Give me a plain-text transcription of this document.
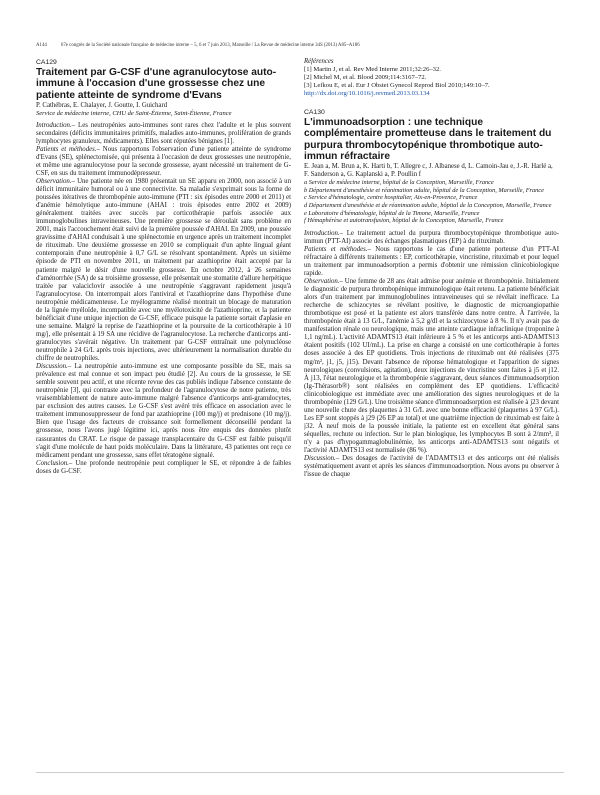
A144	67e congrès de la Société nationale française de médecine interne – 5, 6 et 7 juin 2013, Marseille / La Revue de médecine interne 34S (2013) A85–A186

CA129

Traitement par G-CSF d'une agranulocytose auto-immune à l'occasion d'une grossesse chez une patiente atteinte de syndrome d'Evans

P. Cathébras, E. Chalayer, J. Goutte, I. Guichard

Service de médecine interne, CHU de Saint-Étienne, Saint-Étienne, France

Introduction.– Les neutropénies auto-immunes sont rares chez l'adulte et le plus souvent secondaires (déficits immunitaires primitifs, maladies auto-immunes, prolifération de grands lymphocytes granuleux, médicaments). Elles sont réputées bénignes [1].

Patients et méthodes.– Nous rapportons l'observation d'une patiente atteinte de syndrome d'Evans (SE), splénectomisée, qui présenta à l'occasion de deux grossesses une neutropénie, et même une agranulocytose pour la seconde grossesse, ayant nécessité un traitement de G-CSF, en sus du traitement immunodépresseur.

Observation.– Une patiente née en 1980 présentait un SE apparu en 2000, non associé à un déficit immunitaire humoral ou à une connectivite. Sa maladie s'exprimait sous la forme de poussées itératives de thrombopénie auto-immune (PTI : six épisodes entre 2000 et 2011) et d'anémie hémolytique auto-immune (AHAI : trois épisodes entre 2002 et 2009) généralement traitées avec succès par corticothérapie parfois associée aux immunoglobulines intraveineuses. Une première grossesse se déroulait sans problème en 2001, mais l'accouchement était suivi de la première poussée d'AHAI. En 2009, une poussée gravissime d'AHAI conduisait à une splénectomie en urgence après un traitement incomplet de rituximab. Une deuxième grossesse en 2010 se compliquait d'un aphte lingual géant contemporain d'une neutropénie à 0,7 G/L se résolvant spontanément. Après un sixième épisode de PTI en novembre 2011, un traitement par azathioprine était accepté par la patiente malgré le désir d'une nouvelle grossesse. En octobre 2012, à 26 semaines d'aménorrhée (SA) de sa troisième grossesse, elle présentait une stomatite d'allure herpétique traitée par valaciclovir associée à une neutropénie s'aggravant rapidement jusqu'à l'agranulocytose. On interrompait alors l'antiviral et l'azathioprine dans l'hypothèse d'une neutropénie médicamenteuse. Le myélogramme réalisé montrait un blocage de maturation de la lignée myéloïde, incompatible avec une myélotoxicité de l'azathioprine, et la patiente bénéficiait d'une unique injection de G-CSF, efficace puisque la patiente sortait d'aplasie en une semaine. Malgré la reprise de l'azathioprine et la poursuite de la corticothérapie à 10 mg/j, elle présentait à 19 SA une récidive de l'agranulocytose. La recherche d'anticorps anti-granulocytes s'avérait négative. Un traitement par G-CSF entraînait une polynucléose neutrophile à 24 G/L après trois injections, avec ultérieurement la normalisation durable du chiffre de neutrophiles.

Discussion.– La neutropénie auto-immune est une composante possible du SE, mais sa prévalence est mal connue et son impact peu étudié [2]. Au cours de la grossesse, le SE semble souvent peu actif, et une récente revue des cas publiés indique l'absence constante de neutropénie [3], qui contraste avec la profondeur de l'agranulocytose de notre patiente, très vraisemblablement de nature auto-immune malgré l'absence d'anticorps anti-granulocytes, par exclusion des autres causes. Le G-CSF s'est avéré très efficace en association avec le traitement immunosuppresseur de fond par azathioprine (100 mg/j) et prednisone (10 mg/j). Bien que l'usage des facteurs de croissance soit formellement déconseillé pendant la grossesse, nous l'avons jugé légitime ici, après nous être enquis des données plutôt rassurantes du CRAT. Le risque de passage transplacentaire du G-CSF est faible puisqu'il s'agit d'une molécule de haut poids moléculaire. Dans la littérature, 43 patientes ont reçu ce médicament pendant une grossesse, sans effet tératogène signalé.

Conclusion.– Une profonde neutropénie peut compliquer le SE, et répondre à de faibles doses de G-CSF.

Références

[1] Martin J, et al. Rev Med Interne 2011;32:26–32.

[2] Michel M, et al. Blood 2009;114:3167–72.

[3] Lefkou E, et al. Eur J Obstet Gynecol Reprod Biol 2010;149:10–7.

http://dx.doi.org/10.1016/j.revmed.2013.03.134

CA130

L'immunoadsorption : une technique complémentaire prometteuse dans le traitement du purpura thrombocytopénique thrombotique auto-immun réfractaire

E. Jean a, M. Brun a, K. Harti b, T. Allegre c, J. Albanese d, L. Camoin-Jau e, J.-R. Harlé a, F. Sanderson a, G. Kaplanski a, P. Poullin f

a Service de médecine interne, hôpital de la Conception, Marseille, France

b Département d'anesthésie et réanimation adulte, hôpital de la Conception, Marseille, France

c Service d'hématologie, centre hospitalier, Aix-en-Provence, France

d Département d'anesthésie et de réanimation adulte, hôpital de la Conception, Marseille, France

e Laboratoire d'hématologie, hôpital de la Timone, Marseille, France

f Hémaphérèse et autotransfusion, hôpital de la Conception, Marseille, France

Introduction.– Le traitement actuel du purpura thrombocytopénique thrombotique auto-immun (PTT-AI) associe des échanges plasmatiques (EP) à du rituximab.

Patients et méthodes.– Nous rapportons le cas d'une patiente porteuse d'un PTT-AI réfractaire à différents traitements : EP, corticothérapie, vincristine, rituximab et pour lequel un traitement par immunoadsorption a permis d'obtenir une rémission clinicobiologique rapide.

Observation.– Une femme de 28 ans était admise pour anémie et thrombopénie. Initialement le diagnostic de purpura thrombopénique immunologique était retenu. La patiente bénéficiait alors d'un traitement par immunoglobulines intraveineuses qui se révélait inefficace. La recherche de schizocytes se révélant positive, le diagnostic de microangiopathie thrombotique est posé et la patiente est alors transférée dans notre centre. À l'arrivée, la thrombopénie était à 13 G/L, l'anémie à 5,2 g/dl et la schizocytose à 8 %. Il n'y avait pas de manifestation rénale ou neurologique, mais une atteinte cardiaque infraclinique (troponine à 1,1 ng/mL). L'activité ADAMTS13 était inférieure à 5 % et les anticorps anti-ADAMTS13 étaient positifs (102 UI/mL). La prise en charge a consisté en une corticothérapie à fortes doses associée à des EP quotidiens. Trois injections de rituximab ont été réalisées (375 mg/m², j1, j5, j15). Devant l'absence de réponse hématologique et l'apparition de signes neurologiques (convulsions, agitation), deux injections de vincristine sont faites à j5 et j12. À j13, l'état neurologique et la thrombopénie s'aggravant, deux séances d'immunoadsorption (Ig-Thérasorb®) sont réalisées en complément des EP quotidiens. L'efficacité clinicobiologique est immédiate avec une amélioration des signes neurologiques et de la thrombopénie (129 G/L). Une troisième séance d'immunoadsorption est réalisée à j23 devant une nouvelle chute des plaquettes à 31 G/L avec une bonne efficacité (plaquettes à 97 G/L). Les EP sont stoppés à j29 (26 EP au total) et une quatrième injection de rituximab est faite à j32. À neuf mois de la poussée initiale, la patiente est en excellent état général sans séquelles, rechute ou infection. Sur le plan biologique, les lymphocytes B sont à 2/mm³, il n'y a pas d'hypogammaglobulinémie, les anticorps anti-ADAMTS13 sont négatifs et l'activité ADAMTS13 est normalisée (86 %).

Discussion.– Des dosages de l'activité de l'ADAMTS13 et des anticorps ont été réalisés systématiquement avant et après les séances d'immunoadsorption. Nous avons pu observer à l'issue de chaque
